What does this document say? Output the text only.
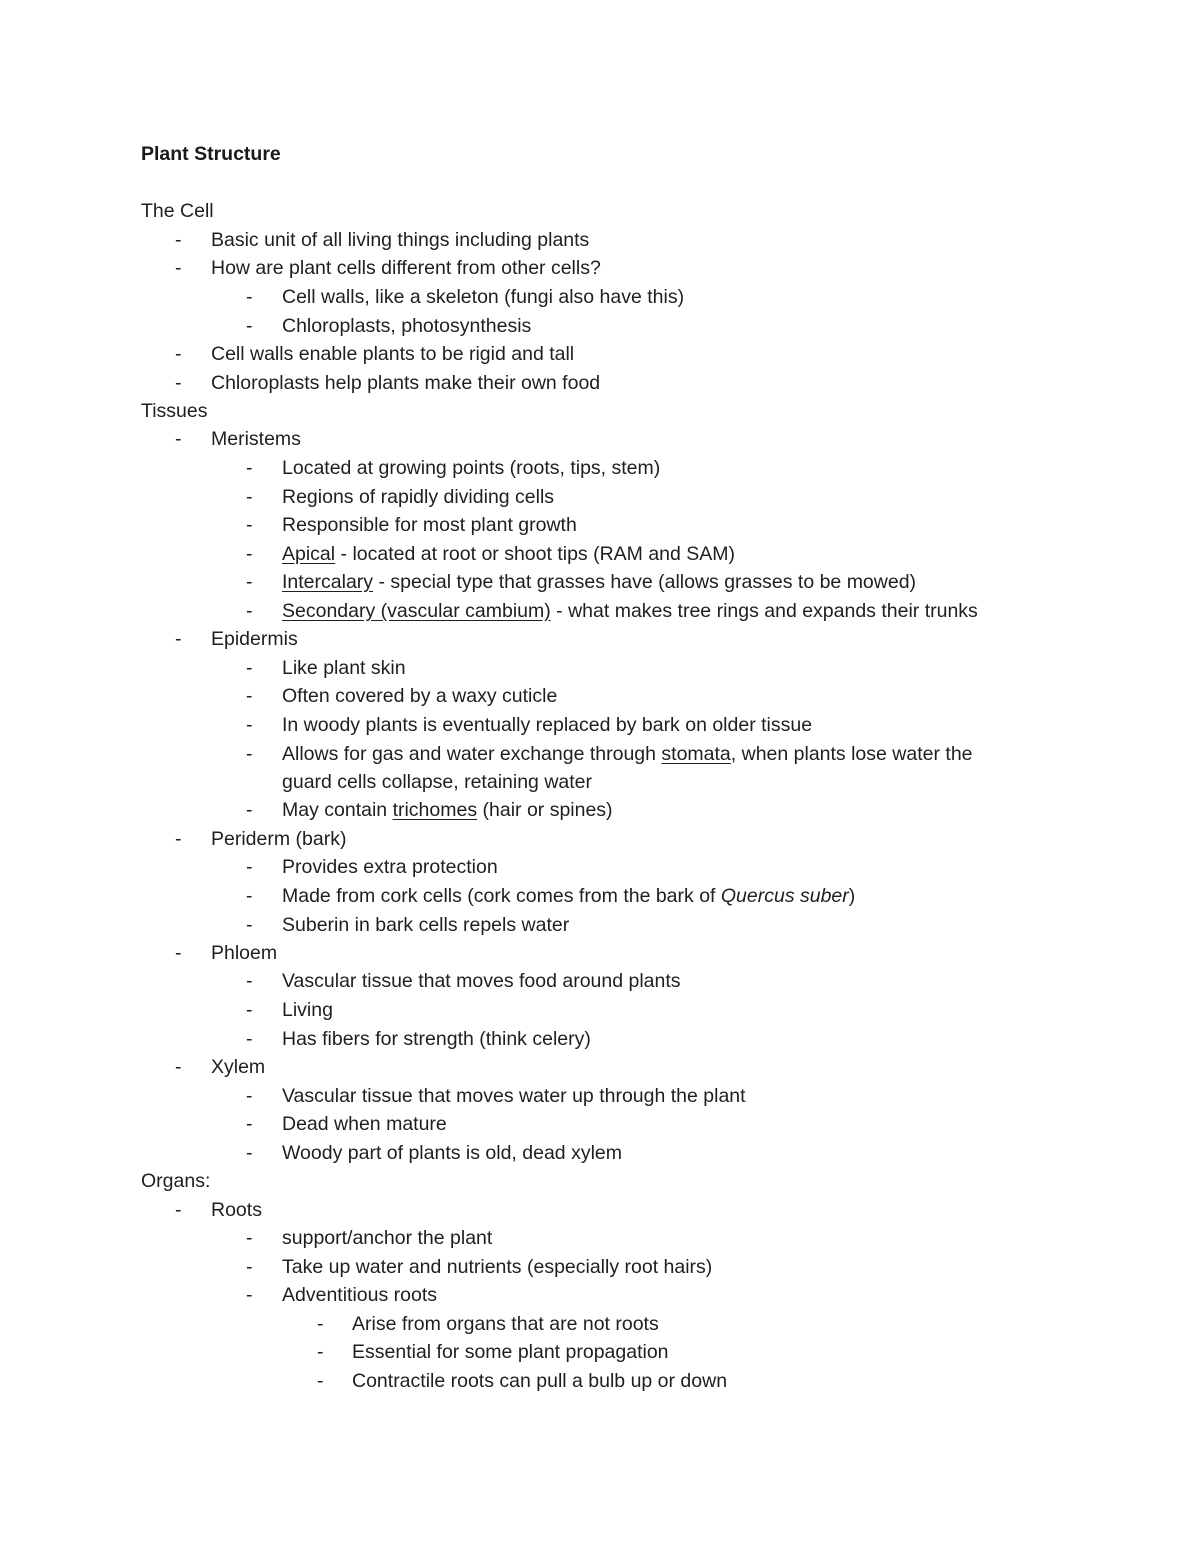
Plant Structure
The Cell
- Basic unit of all living things including plants
- How are plant cells different from other cells?
- Cell walls, like a skeleton (fungi also have this)
- Chloroplasts, photosynthesis
- Cell walls enable plants to be rigid and tall
- Chloroplasts help plants make their own food
Tissues
- Meristems
- Located at growing points (roots, tips, stem)
- Regions of rapidly dividing cells
- Responsible for most plant growth
- Apical - located at root or shoot tips (RAM and SAM)
- Intercalary - special type that grasses have (allows grasses to be mowed)
- Secondary (vascular cambium) - what makes tree rings and expands their trunks
- Epidermis
- Like plant skin
- Often covered by a waxy cuticle
- In woody plants is eventually replaced by bark on older tissue
- Allows for gas and water exchange through stomata, when plants lose water the
guard cells collapse, retaining water
- May contain trichomes (hair or spines)
- Periderm (bark)
- Provides extra protection
- Made from cork cells (cork comes from the bark of Quercus suber)
- Suberin in bark cells repels water
- Phloem
- Vascular tissue that moves food around plants
- Living
- Has fibers for strength (think celery)
- Xylem
- Vascular tissue that moves water up through the plant
- Dead when mature
- Woody part of plants is old, dead xylem
Organs:
- Roots
- support/anchor the plant
- Take up water and nutrients (especially root hairs)
- Adventitious roots
- Arise from organs that are not roots
- Essential for some plant propagation
- Contractile roots can pull a bulb up or down
